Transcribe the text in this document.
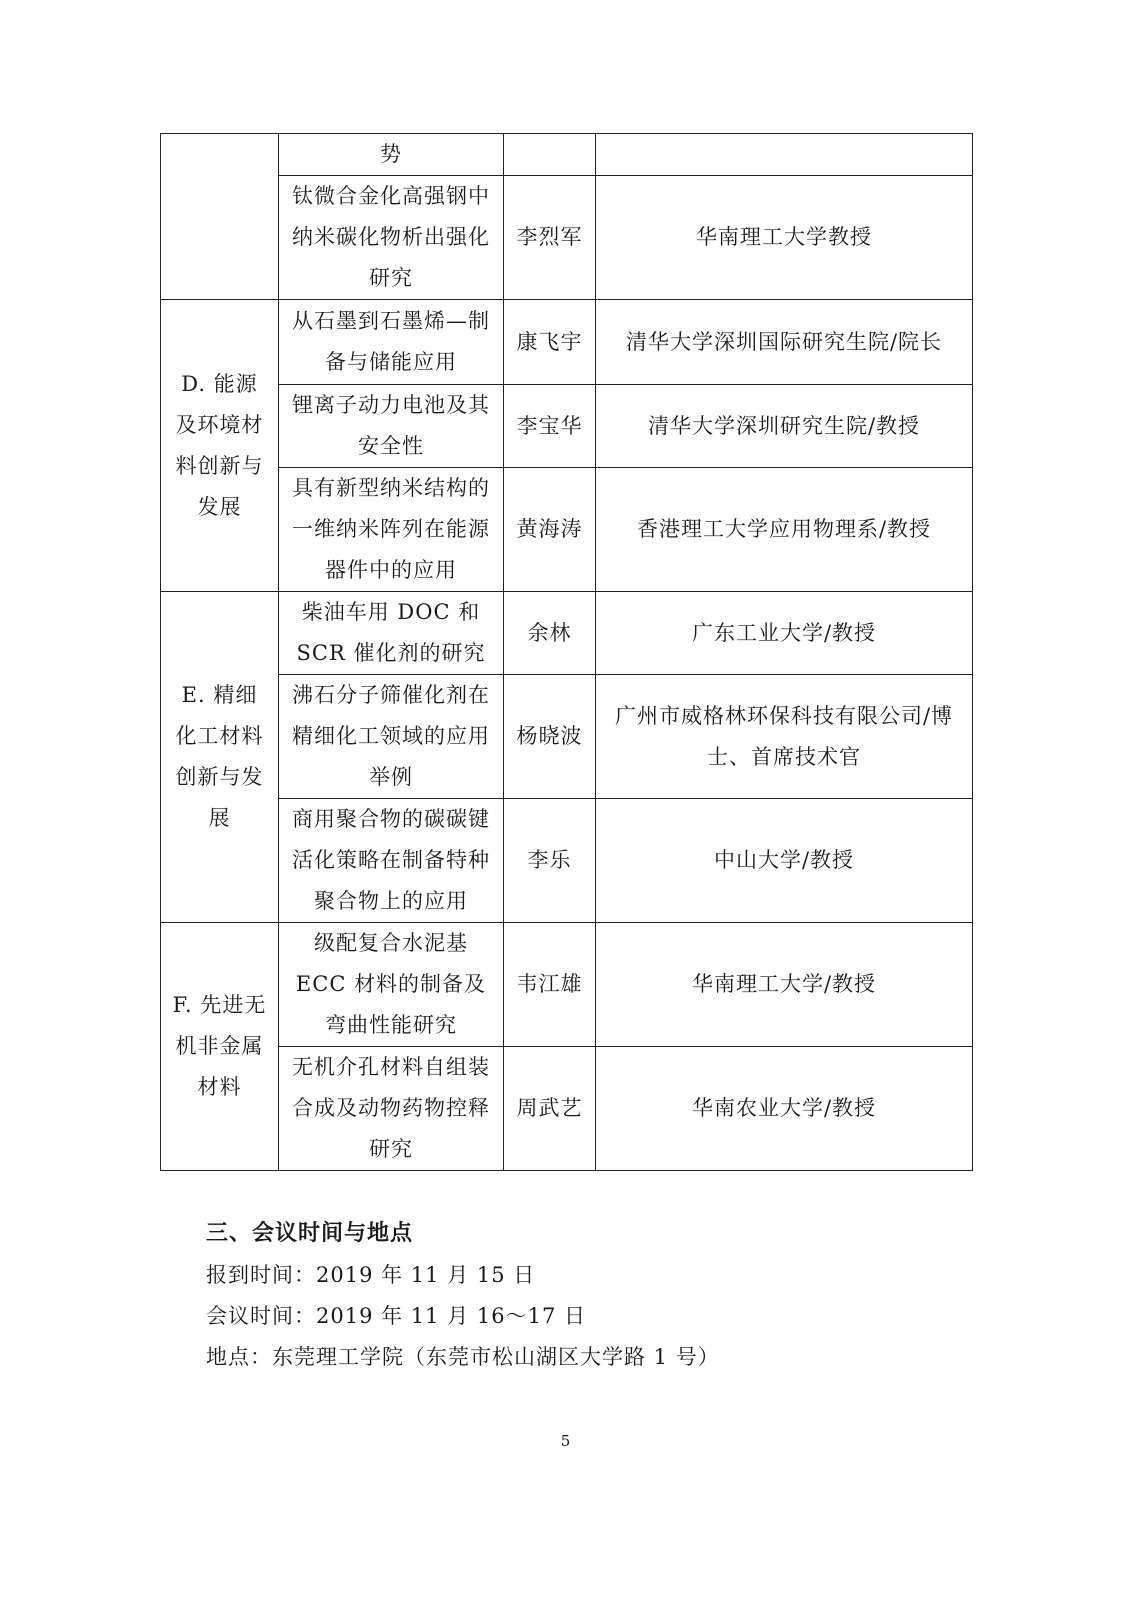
	势		
	钛微合金化高强钢中纳米碳化物析出强化研究	李烈军	华南理工大学教授
D. 能源及环境材料创新与发展	从石墨到石墨烯—制备与储能应用	康飞宇	清华大学深圳国际研究生院/院长
	锂离子动力电池及其安全性	李宝华	清华大学深圳研究生院/教授
	具有新型纳米结构的一维纳米阵列在能源器件中的应用	黄海涛	香港理工大学应用物理系/教授
E. 精细化工材料创新与发展	柴油车用 DOC 和 SCR 催化剂的研究	余林	广东工业大学/教授
	沸石分子筛催化剂在精细化工领域的应用举例	杨晓波	广州市威格林环保科技有限公司/博士、首席技术官
	商用聚合物的碳碳键活化策略在制备特种聚合物上的应用	李乐	中山大学/教授
F. 先进无机非金属材料	级配复合水泥基 ECC 材料的制备及弯曲性能研究	韦江雄	华南理工大学/教授
	无机介孔材料自组装合成及动物药物控释研究	周武艺	华南农业大学/教授
三、会议时间与地点
报到时间：2019 年 11 月 15 日
会议时间：2019 年 11 月 16～17 日
地点：东莞理工学院（东莞市松山湖区大学路 1 号）
5
